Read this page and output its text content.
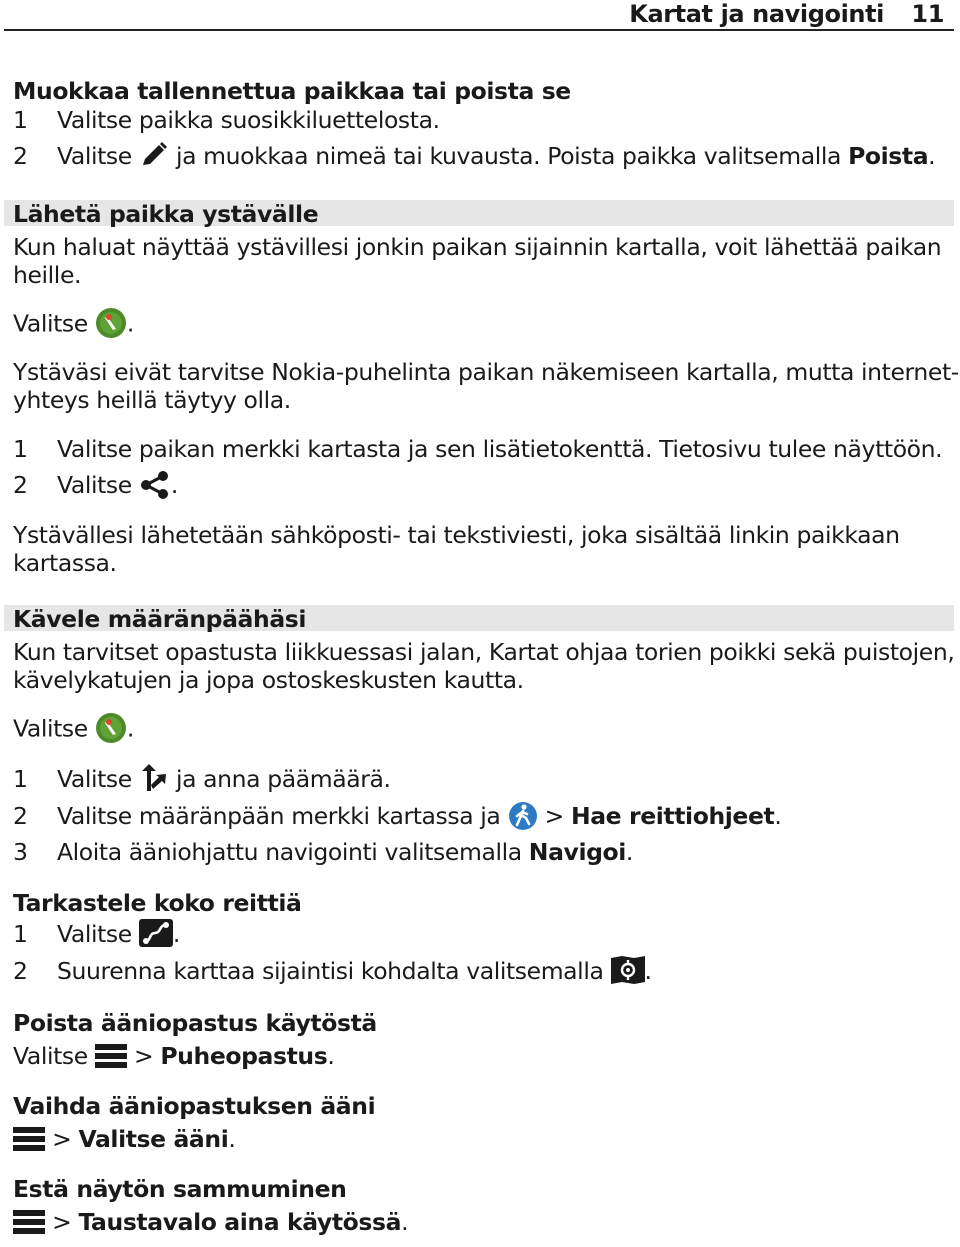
Kartat ja navigointi 11
Muokkaa tallennettua paikkaa tai poista se
1 Valitse paikka suosikkiluettelosta.
2 Valitse ja muokkaa nimeä tai kuvausta. Poista paikka valitsemalla Poista.
Lähetä paikka ystävälle
Kun haluat näyttää ystävillesi jonkin paikan sijainnin kartalla, voit lähettää paikan
heille.
Valitse .
Ystäväsi eivät tarvitse Nokia-puhelinta paikan näkemiseen kartalla, mutta internet-
yhteys heillä täytyy olla.
1 Valitse paikan merkki kartasta ja sen lisätietokenttä. Tietosivu tulee näyttöön.
2 Valitse .
Ystävällesi lähetetään sähköposti- tai tekstiviesti, joka sisältää linkin paikkaan
kartassa.
Kävele määränpäähäsi
Kun tarvitset opastusta liikkuessasi jalan, Kartat ohjaa torien poikki sekä puistojen,
kävelykatujen ja jopa ostoskeskusten kautta.
Valitse .
1 Valitse ja anna päämäärä.
2 Valitse määränpään merkki kartassa ja > Hae reittiohjeet.
3 Aloita ääniohjattu navigointi valitsemalla Navigoi.
Tarkastele koko reittiä
1 Valitse .
2 Suurenna karttaa sijaintisi kohdalta valitsemalla .
Poista ääniopastus käytöstä
Valitse > Puheopastus.
Vaihda ääniopastuksen ääni
> Valitse ääni.
Estä näytön sammuminen
> Taustavalo aina käytössä.
